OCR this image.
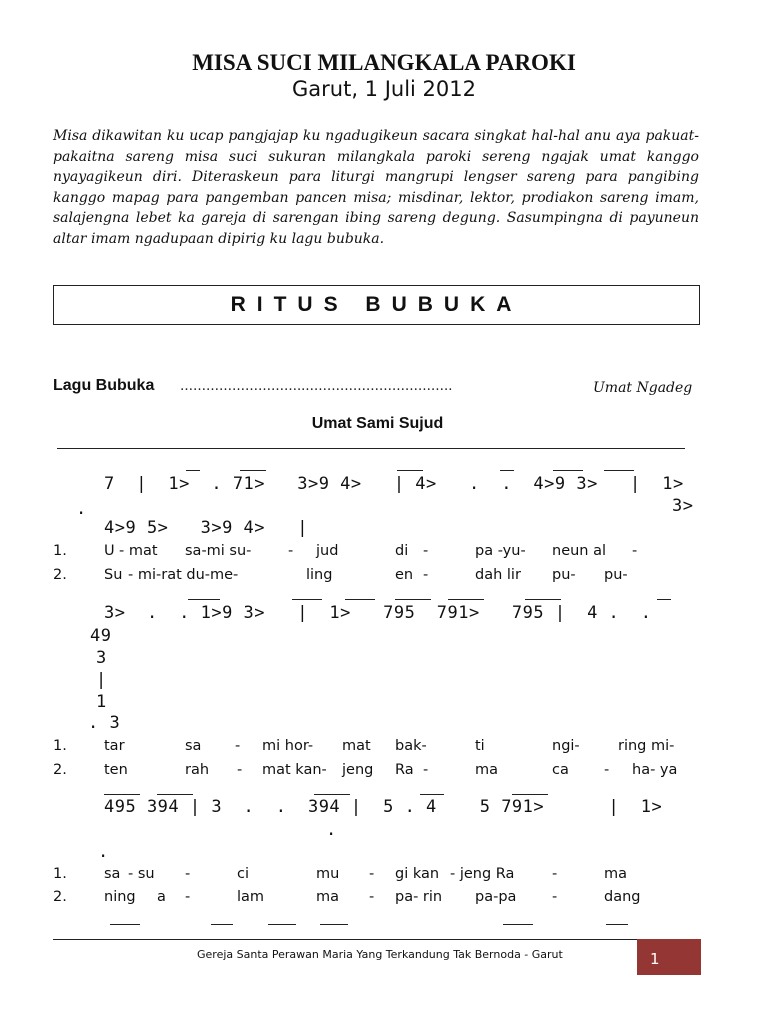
MISA SUCI MILANGKALA PAROKI
Garut, 1 Juli 2012
Misa dikawitan ku ucap pangjajap ku ngadugikeun sacara singkat hal-hal anu aya pakuat-pakaitna sareng misa suci sukuran milangkala paroki sereng ngajak umat kanggo nyayagikeun diri. Diteraskeun para liturgi mangrupi lengser sareng para pangibing kanggo mapag para pangemban pancen misa; misdinar, lektor, prodiakon sareng imam, salajengna lebet ka gareja di sarengan ibing sareng degung. Sasumpingna di payuneun altar imam ngadupaan dipirig ku lagu bubuka.
RITUS BUBUKA
Lagu Bubuka ………………………..…………………………….	Umat Ngadeg
Umat Sami Sujud
7  |  1>  . 71>   3>9 4>   | 4>   .  .  4>9 3>   |  1>
.	3>
4>9 5>   3>9 4>   |
1.	U - mat sa-mi su-	- jud	di -	pa -yu- neun al -
2.	Su - mi-rat du-me-	ling	en -	dah lir pu- pu-
3>  .  . 1>9 3>   |  1>   795  791>   795 |  4 .  .
49
3
|
1
. 3
1.	tar	sa - mi hor- mat bak-	ti	ngi-	ring mi-
2.	ten	rah - mat kan- jeng Ra -	ma	ca - ha- ya
495 394 | 3  .  .  394 |  5 . 4    5 791>      |  1>
.
.
1.	sa - su -	ci	mu - gi kan - jeng Ra	-	ma
2.	ning a -	lam	ma - pa- rin pa-pa -	dang
Gereja Santa Perawan Maria Yang Terkandung Tak Bernoda - Garut	1
